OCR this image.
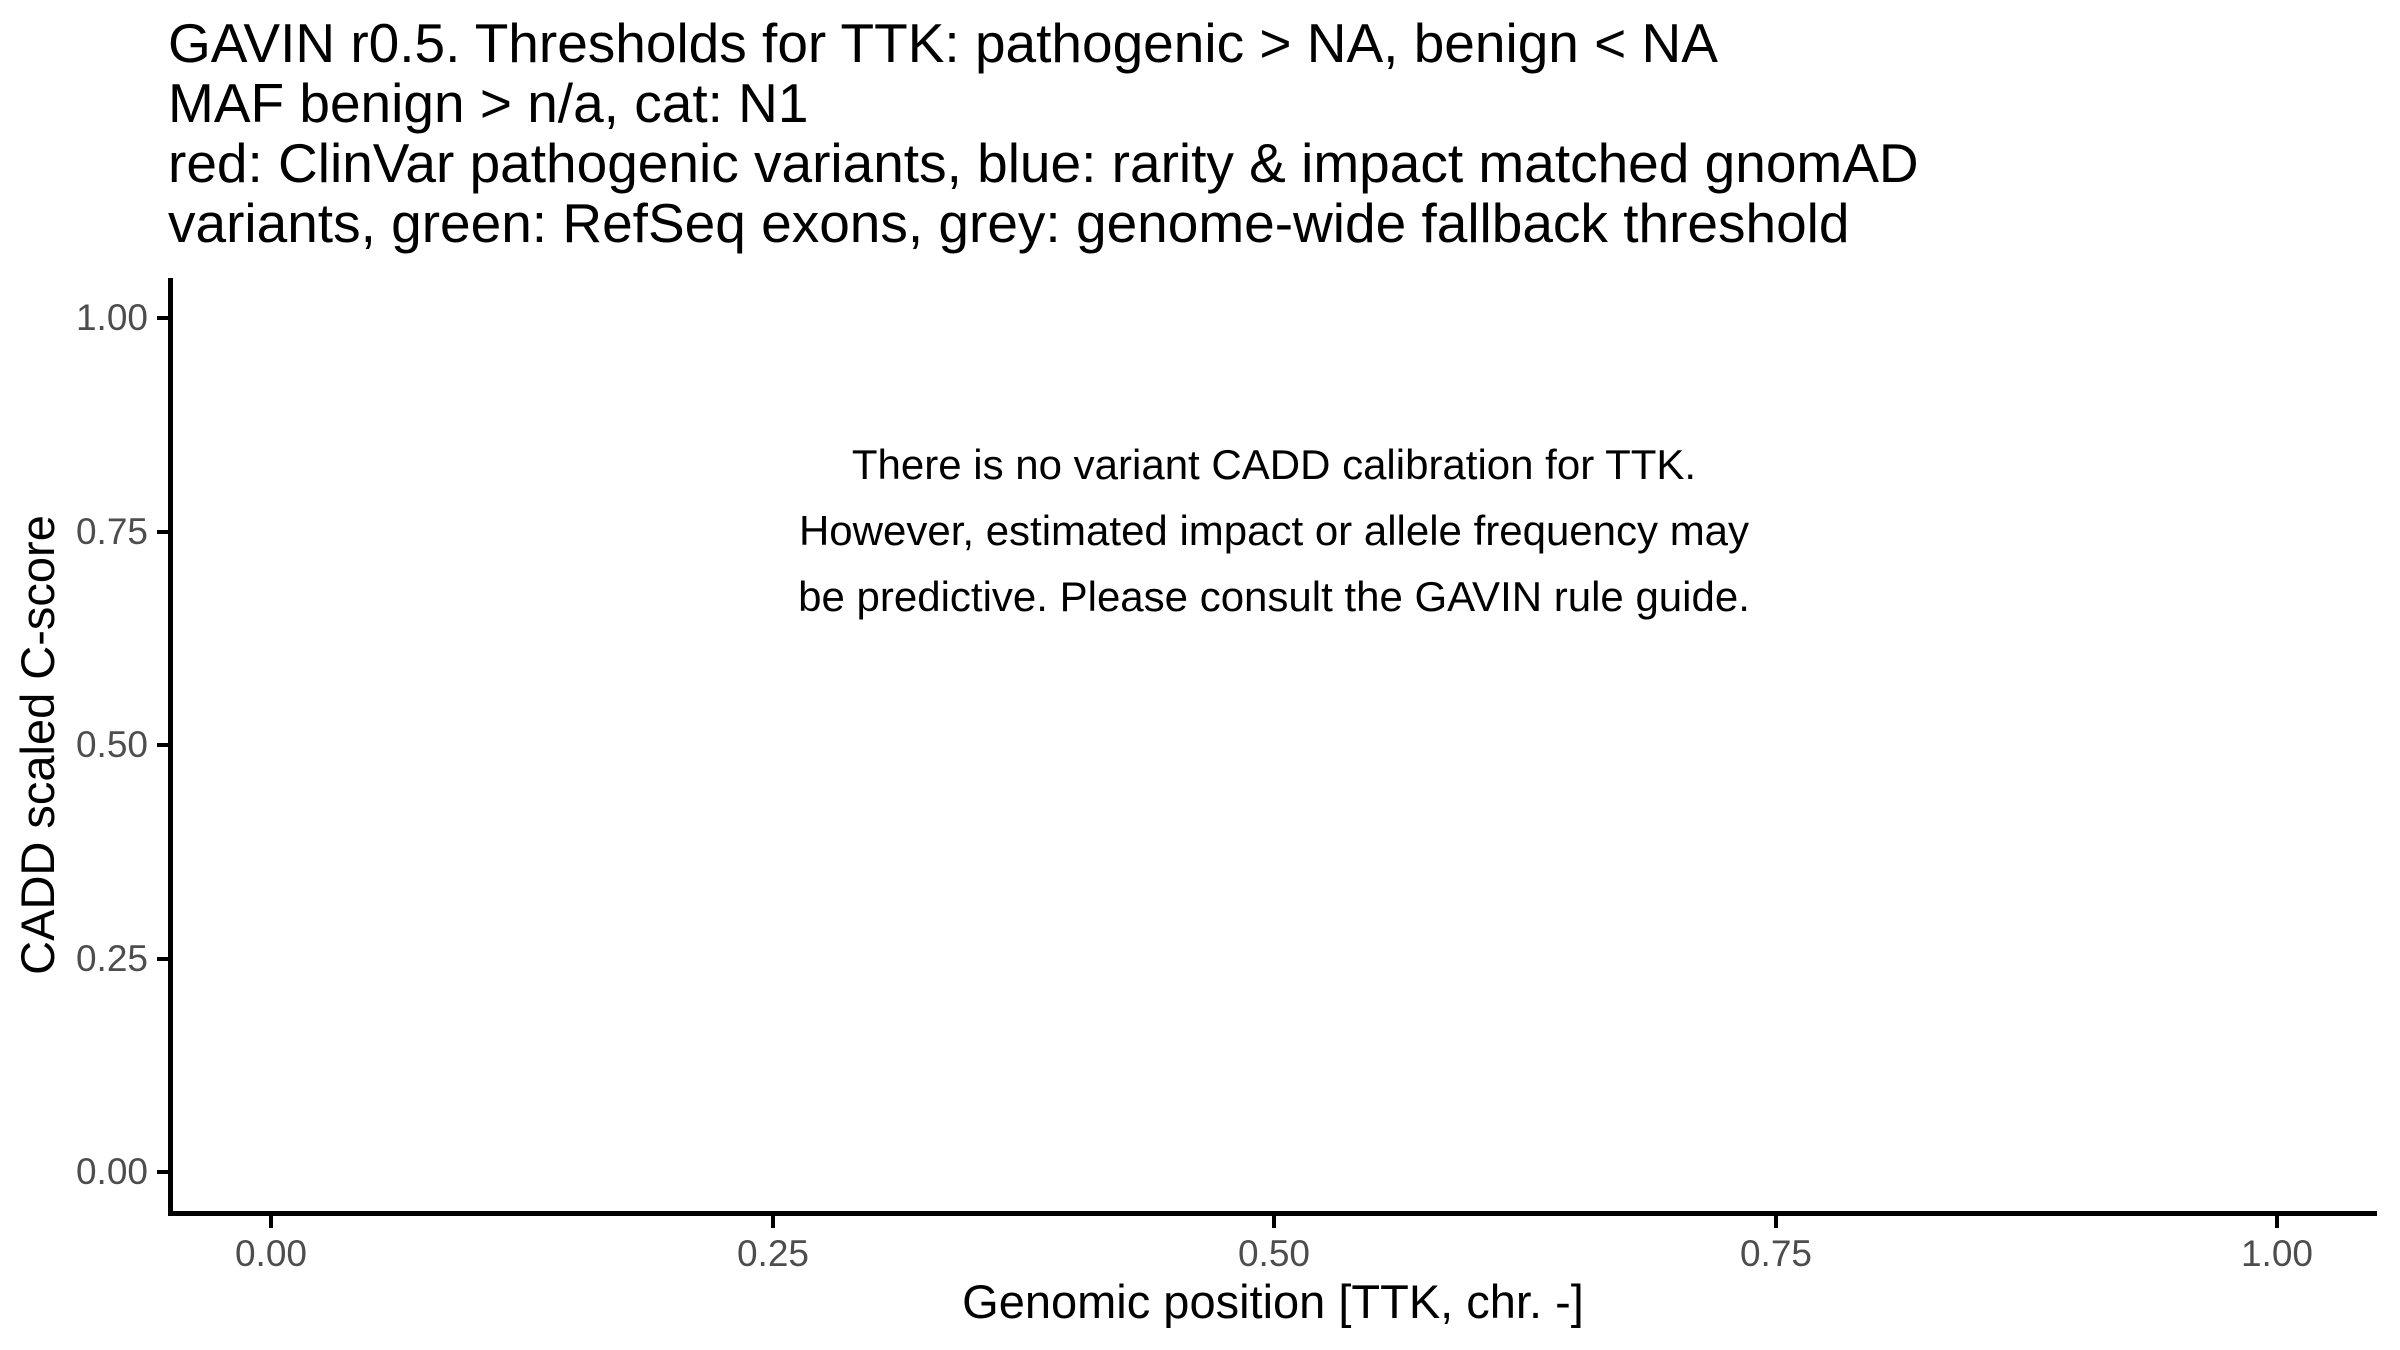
GAVIN r0.5. Thresholds for TTK: pathogenic > NA, benign < NA
MAF benign > n/a, cat: N1
red: ClinVar pathogenic variants, blue: rarity & impact matched gnomAD
variants, green: RefSeq exons, grey: genome-wide fallback threshold
1.00
0.75
0.50
0.25
0.00
0.00	0.25	0.50	0.75	1.00
CADD scaled C-score
Genomic position [TTK, chr. -]
There is no variant CADD calibration for TTK.
However, estimated impact or allele frequency may
be predictive. Please consult the GAVIN rule guide.
